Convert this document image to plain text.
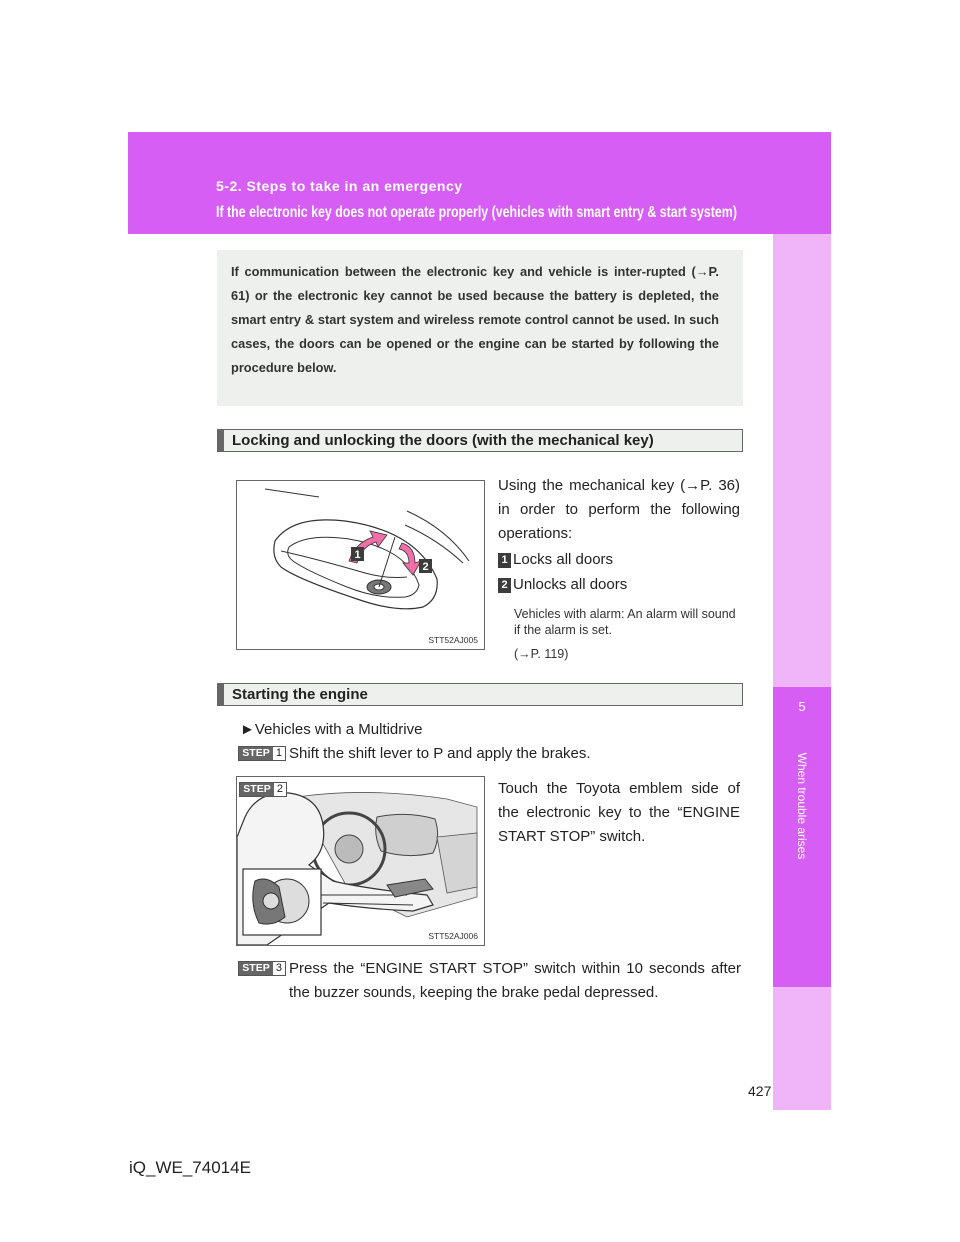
5-2. Steps to take in an emergency
If the electronic key does not operate properly (vehicles with smart entry & start system)
5
When trouble arises

If communication between the electronic key and vehicle is inter-rupted (→P. 61) or the electronic key cannot be used because the battery is depleted, the smart entry & start system and wireless remote control cannot be used. In such cases, the doors can be opened or the engine can be started by following the procedure below.

Locking and unlocking the doors (with the mechanical key)
1
2
STT52AJ005
Using the mechanical key (→P. 36) in order to perform the following operations:
1 Locks all doors
2 Unlocks all doors
Vehicles with alarm: An alarm will sound if the alarm is set.
(→P. 119)
Starting the engine
►Vehicles with a Multidrive
STEP 1 Shift the shift lever to P and apply the brakes.
STEP 2
STT52AJ006
Touch the Toyota emblem side of the electronic key to the “ENGINE START STOP” switch.
STEP 3 Press the “ENGINE START STOP” switch within 10 seconds after the buzzer sounds, keeping the brake pedal depressed.
427
iQ_WE_74014E
